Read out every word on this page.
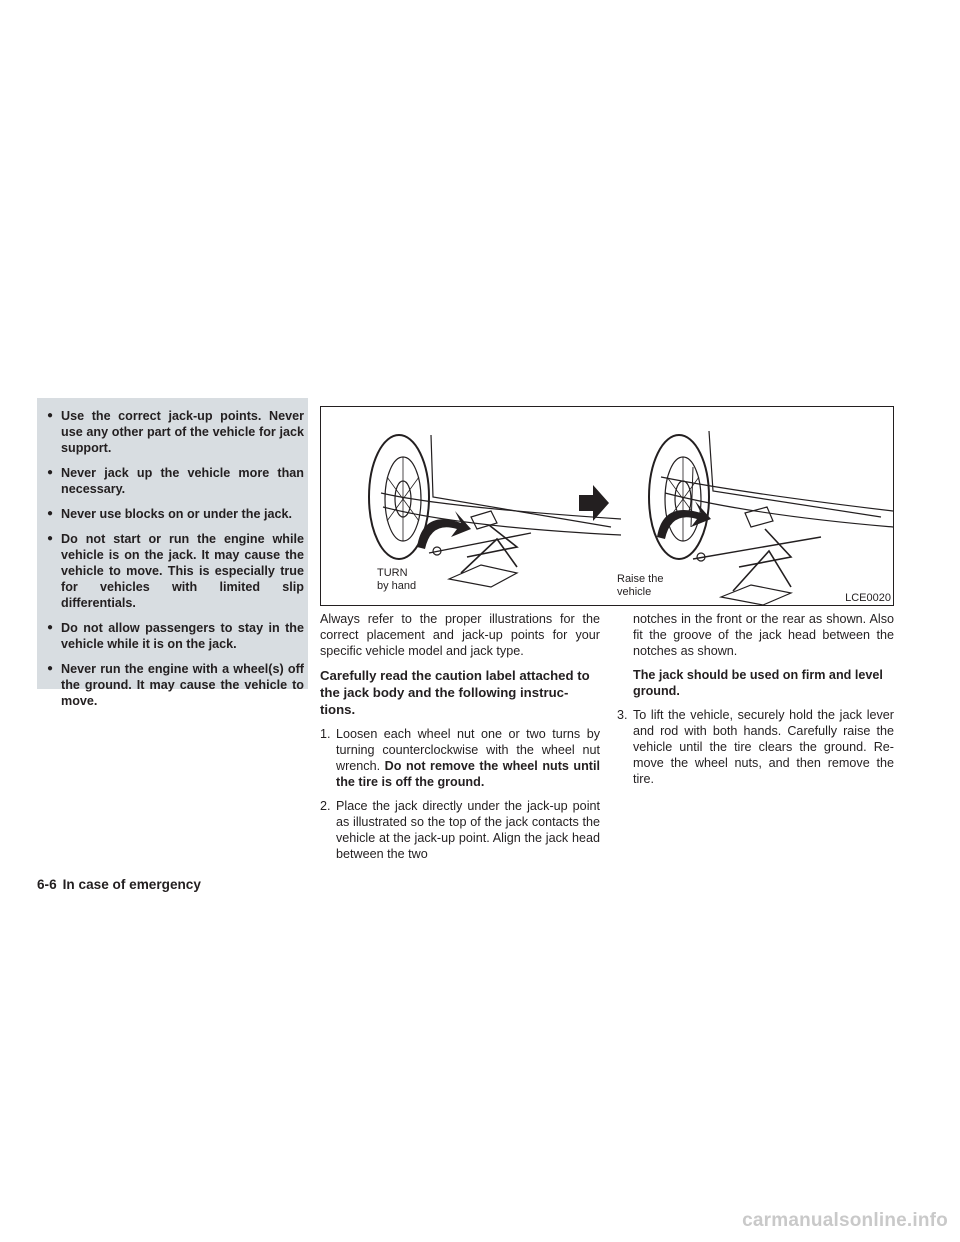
● Use the correct jack-up points. Never use any other part of the vehicle for jack support.
● Never jack up the vehicle more than necessary.
● Never use blocks on or under the jack.
● Do not start or run the engine while vehicle is on the jack. It may cause the vehicle to move. This is especially true for vehicles with limited slip differentials.
● Do not allow passengers to stay in the vehicle while it is on the jack.
● Never run the engine with a wheel(s) off the ground. It may cause the vehicle to move.
TURN
by hand
Raise the
vehicle	LCE0020

Always refer to the proper illustrations for the correct placement and jack-up points for your specific vehicle model and jack type.

Carefully read the caution label attached to the jack body and the following instruc-tions.

1. Loosen each wheel nut one or two turns by turning counterclockwise with the wheel nut wrench. Do not remove the wheel nuts until the tire is off the ground.
2. Place the jack directly under the jack-up point as illustrated so the top of the jack contacts the vehicle at the jack-up point. Align the jack head between the two

notches in the front or the rear as shown. Also fit the groove of the jack head between the notches as shown.

The jack should be used on firm and level ground.

3. To lift the vehicle, securely hold the jack lever and rod with both hands. Carefully raise the vehicle until the tire clears the ground. Re-move the wheel nuts, and then remove the tire.
6-6 In case of emergency
carmanualsonline.info
